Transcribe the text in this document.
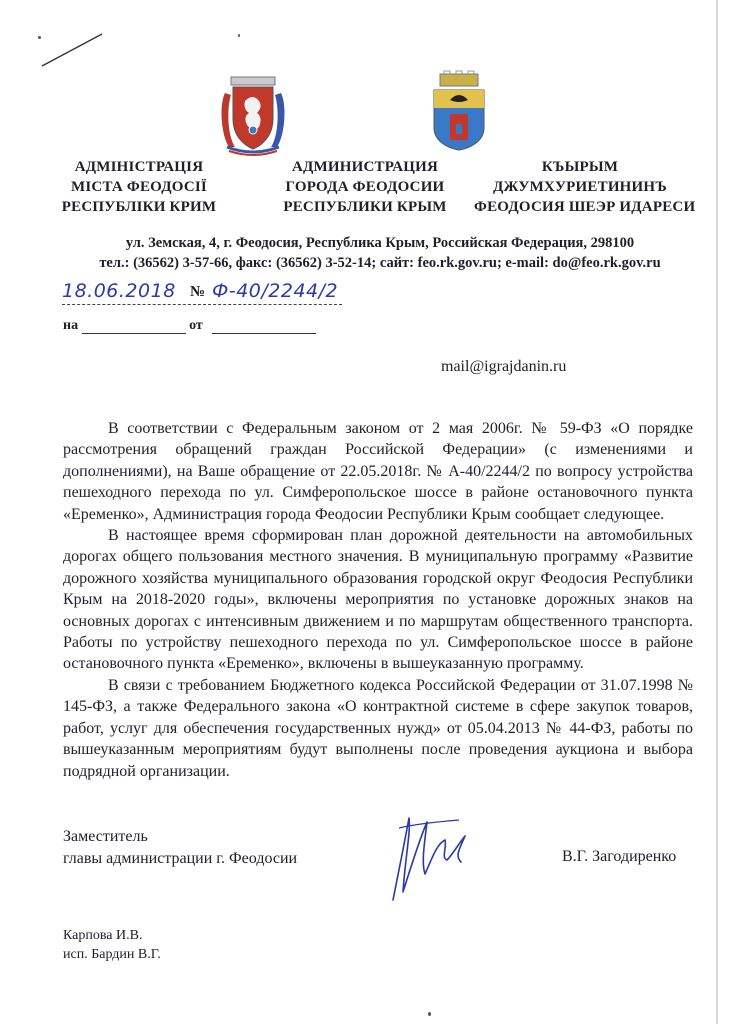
АДМІНІСТРАЦІЯ
МІСТА ФЕОДОСІЇ
РЕСПУБЛІКИ КРИМ
АДМИНИСТРАЦИЯ
ГОРОДА ФЕОДОСИИ
РЕСПУБЛИКИ КРЫМ
КЪЫРЫМ
ДЖУМХУРИЕТИНИНЪ
ФЕОДОСИЯ ШЕЭР ИДАРЕСИ
ул. Земская, 4, г. Феодосия, Республика Крым, Российская Федерация, 298100
тел.: (36562) 3-57-66, факс: (36562) 3-52-14; сайт: feo.rk.gov.ru; e-mail: do@feo.rk.gov.ru
18.06.2018 № Ф-40/2244/2
на	от
mail@igrajdanin.ru

В соответствии с Федеральным законом от 2 мая 2006г. № 59-ФЗ «О порядке рассмотрения обращений граждан Российской Федерации» (с изменениями и дополнениями), на Ваше обращение от 22.05.2018г. № А-40/2244/2 по вопросу устройства пешеходного перехода по ул. Симферопольское шоссе в районе остановочного пункта «Еременко», Администрация города Феодосии Республики Крым сообщает следующее.

В настоящее время сформирован план дорожной деятельности на автомобильных дорогах общего пользования местного значения. В муниципальную программу «Развитие дорожного хозяйства муниципального образования городской округ Феодосия Республики Крым на 2018-2020 годы», включены мероприятия по установке дорожных знаков на основных дорогах с интенсивным движением и по маршрутам общественного транспорта. Работы по устройству пешеходного перехода по ул. Симферопольское шоссе в районе остановочного пункта «Еременко», включены в вышеуказанную программу.

В связи с требованием Бюджетного кодекса Российской Федерации от 31.07.1998 № 145-ФЗ, а также Федерального закона «О контрактной системе в сфере закупок товаров, работ, услуг для обеспечения государственных нужд» от 05.04.2013 № 44-ФЗ, работы по вышеуказанным мероприятиям будут выполнены после проведения аукциона и выбора подрядной организации.

Заместитель
главы администрации г. Феодосии	В.Г. Загодиренко
Карпова И.В.
исп. Бардин В.Г.
